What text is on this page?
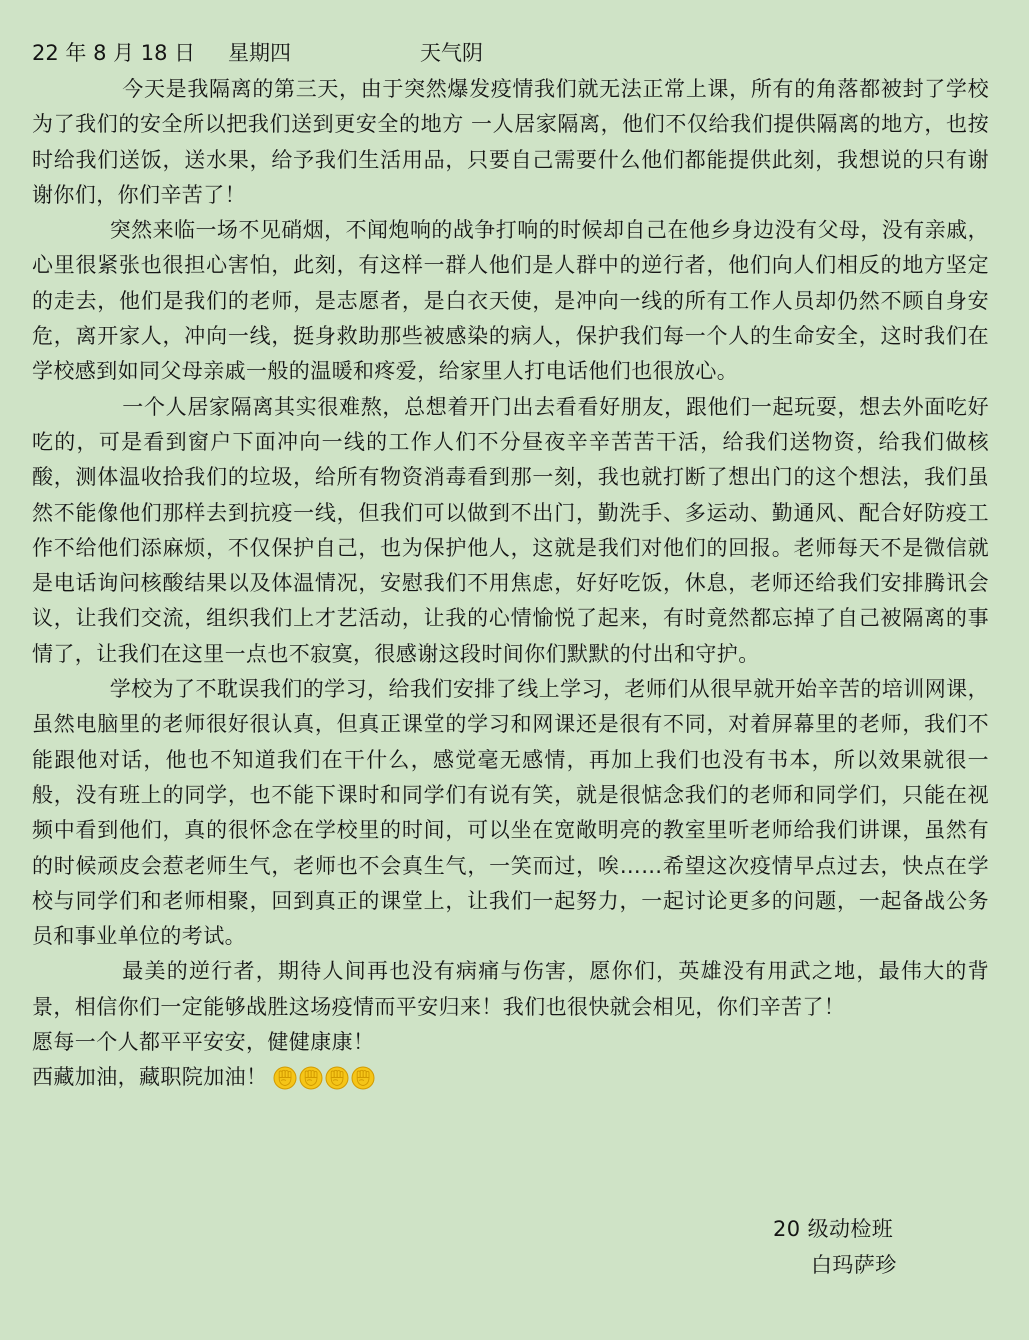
22 年 8 月 18 日 星期四	天气阴

今天是我隔离的第三天，由于突然爆发疫情我们就无法正常上课，所有的角落都被封了学校为了我们的安全所以把我们送到更安全的地方 一人居家隔离，他们不仅给我们提供隔离的地方，也按时给我们送饭，送水果，给予我们生活用品，只要自己需要什么他们都能提供此刻，我想说的只有谢谢你们，你们辛苦了！

突然来临一场不见硝烟，不闻炮响的战争打响的时候却自己在他乡身边没有父母，没有亲戚，心里很紧张也很担心害怕，此刻，有这样一群人他们是人群中的逆行者，他们向人们相反的地方坚定的走去，他们是我们的老师，是志愿者，是白衣天使，是冲向一线的所有工作人员却仍然不顾自身安危，离开家人，冲向一线，挺身救助那些被感染的病人，保护我们每一个人的生命安全，这时我们在学校感到如同父母亲戚一般的温暖和疼爱，给家里人打电话他们也很放心。

一个人居家隔离其实很难熬，总想着开门出去看看好朋友，跟他们一起玩耍，想去外面吃好吃的，可是看到窗户下面冲向一线的工作人们不分昼夜辛辛苦苦干活，给我们送物资，给我们做核酸，测体温收拾我们的垃圾，给所有物资消毒看到那一刻，我也就打断了想出门的这个想法，我们虽然不能像他们那样去到抗疫一线，但我们可以做到不出门，勤洗手、多运动、勤通风、配合好防疫工作不给他们添麻烦，不仅保护自己，也为保护他人，这就是我们对他们的回报。老师每天不是微信就是电话询问核酸结果以及体温情况，安慰我们不用焦虑，好好吃饭，休息，老师还给我们安排腾讯会议，让我们交流，组织我们上才艺活动，让我的心情愉悦了起来，有时竟然都忘掉了自己被隔离的事情了，让我们在这里一点也不寂寞，很感谢这段时间你们默默的付出和守护。

学校为了不耽误我们的学习，给我们安排了线上学习，老师们从很早就开始辛苦的培训网课，虽然电脑里的老师很好很认真，但真正课堂的学习和网课还是很有不同，对着屏幕里的老师，我们不能跟他对话，他也不知道我们在干什么，感觉毫无感情，再加上我们也没有书本，所以效果就很一般，没有班上的同学，也不能下课时和同学们有说有笑，就是很惦念我们的老师和同学们，只能在视频中看到他们，真的很怀念在学校里的时间，可以坐在宽敞明亮的教室里听老师给我们讲课，虽然有的时候顽皮会惹老师生气，老师也不会真生气，一笑而过，唉……希望这次疫情早点过去，快点在学校与同学们和老师相聚，回到真正的课堂上，让我们一起努力，一起讨论更多的问题，一起备战公务员和事业单位的考试。

最美的逆行者，期待人间再也没有病痛与伤害，愿你们，英雄没有用武之地，最伟大的背景，相信你们一定能够战胜这场疫情而平安归来！我们也很快就会相见，你们辛苦了！

愿每一个人都平平安安，健健康康！

西藏加油，藏职院加油！
20 级动检班
白玛萨珍
